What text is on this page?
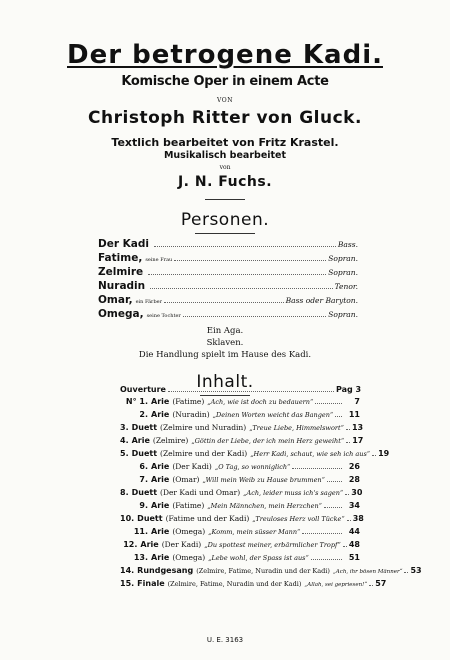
Der betrogene Kadi.
Komische Oper in einem Acte
VON
Christoph Ritter von Gluck.
Textlich bearbeitet von Fritz Krastel.
Musikalisch bearbeitet
von
J. N. Fuchs.
Personen.
Der Kadi	Bass.
Fatime, seine Frau	Sopran.
Zelmire	Sopran.
Nuradin	Tenor.
Omar, ein Färber	Bass oder Baryton.
Omega, seine Tochter	Sopran.
Ein Aga.
Sklaven.
Die Handlung spielt im Hause des Kadi.
Inhalt.
Ouverture	Pag 3
N° 1. Arie (Fatime) „Ach, wie ist doch zu bedauern“	7
2. Arie (Nuradin) „Deinen Worten weicht das Bangen“	11
3. Duett (Zelmire und Nuradin) „Treue Liebe, Himmelswort“ 13
4. Arie (Zelmire) „Göttin der Liebe, der ich mein Herz geweiht“ 17
5. Duett (Zelmire und der Kadi) „Herr Kadi, schaut, wie seh ich aus“ 19
6. Arie (Der Kadi) „O Tag, so wonniglich“	26
7. Arie (Omar) „Will mein Weib zu Hause brummen“	28
8. Duett (Der Kadi und Omar) „Ach, leider muss ich's sagen“ 30
9. Arie (Fatime) „Mein Männchen, mein Herzchen“	34
10. Duett (Fatime und der Kadi) „Treuloses Herz voll Tücke“ 38
11. Arie (Omega) „Komm, mein süsser Mann“	44
12. Arie (Der Kadi) „Du spottest meiner, erbärmlicher Tropf“ 48
13. Arie (Omega) „Lebe wohl, der Spass ist aus“	51
14. Rundgesang (Zelmire, Fatime, Nuradin und der Kadi) „Ach, ihr bösen Männer“ 53
15. Finale (Zelmire, Fatime, Nuradin und der Kadi) „Allah, sei gepriesen!“ 57
U. E. 3163
